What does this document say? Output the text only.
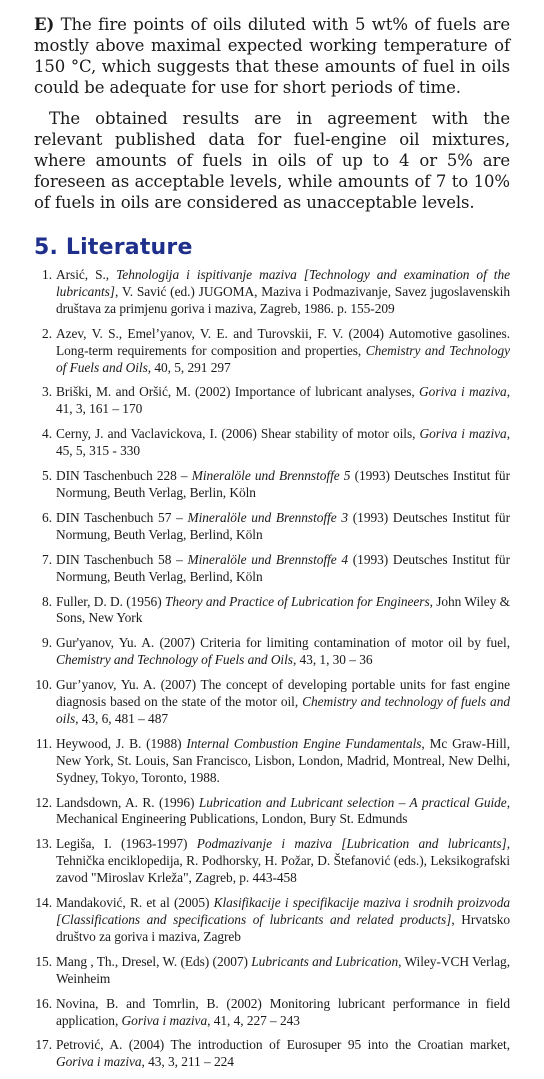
E) The fire points of oils diluted with 5 wt% of fuels are mostly above maximal expected working temperature of 150 °C, which suggests that these amounts of fuel in oils could be adequate for use for short periods of time.

The obtained results are in agreement with the relevant published data for fuel-engine oil mixtures, where amounts of fuels in oils of up to 4 or 5% are foreseen as acceptable levels, while amounts of 7 to 10% of fuels in oils are considered as unacceptable levels.

5. Literature
1. Arsić, S., Tehnologija i ispitivanje maziva [Technology and examination of the lubricants], V. Savić (ed.) JUGOMA, Maziva i Podmazivanje, Savez jugoslavenskih društava za primjenu goriva i maziva, Zagreb, 1986. p. 155-209
2. Azev, V. S., Emel’yanov, V. E. and Turovskii, F. V. (2004) Automotive gasolines. Long-term requirements for composition and properties, Chemistry and Technology of Fuels and Oils, 40, 5, 291 297
3. Briški, M. and Oršić, M. (2002) Importance of lubricant analyses, Goriva i maziva, 41, 3, 161 – 170
4. Cerny, J. and Vaclavickova, I. (2006) Shear stability of motor oils, Goriva i maziva, 45, 5, 315 - 330
5. DIN Taschenbuch 228 – Mineralöle und Brennstoffe 5 (1993) Deutsches Institut für Normung, Beuth Verlag, Berlin, Köln
6. DIN Taschenbuch 57 – Mineralöle und Brennstoffe 3 (1993) Deutsches Institut für Normung, Beuth Verlag, Berlind, Köln
7. DIN Taschenbuch 58 – Mineralöle und Brennstoffe 4 (1993) Deutsches Institut für Normung, Beuth Verlag, Berlind, Köln
8. Fuller, D. D. (1956) Theory and Practice of Lubrication for Engineers, John Wiley & Sons, New York
9. Gur'yanov, Yu. A. (2007) Criteria for limiting contamination of motor oil by fuel, Chemistry and Technology of Fuels and Oils, 43, 1, 30 – 36
10. Gur’yanov, Yu. A. (2007) The concept of developing portable units for fast engine diagnosis based on the state of the motor oil, Chemistry and technology of fuels and oils, 43, 6, 481 – 487
11. Heywood, J. B. (1988) Internal Combustion Engine Fundamentals, Mc Graw-Hill, New York, St. Louis, San Francisco, Lisbon, London, Madrid, Montreal, New Delhi, Sydney, Tokyo, Toronto, 1988.
12. Landsdown, A. R. (1996) Lubrication and Lubricant selection – A practical Guide, Mechanical Engineering Publications, London, Bury St. Edmunds
13. Legiša, I. (1963-1997) Podmazivanje i maziva [Lubrication and lubricants], Tehnička enciklopedija, R. Podhorsky, H. Požar, D. Štefanović (eds.), Leksikografski zavod "Miroslav Krleža", Zagreb, p. 443-458
14. Mandaković, R. et al (2005) Klasifikacije i specifikacije maziva i srodnih proizvoda [Classifications and specifications of lubricants and related products], Hrvatsko društvo za goriva i maziva, Zagreb
15. Mang , Th., Dresel, W. (Eds) (2007) Lubricants and Lubrication, Wiley-VCH Verlag, Weinheim
16. Novina, B. and Tomrlin, B. (2002) Monitoring lubricant performance in field application, Goriva i maziva, 41, 4, 227 – 243
17. Petrović, A. (2004) The introduction of Eurosuper 95 into the Croatian market, Goriva i maziva, 43, 3, 211 – 224
